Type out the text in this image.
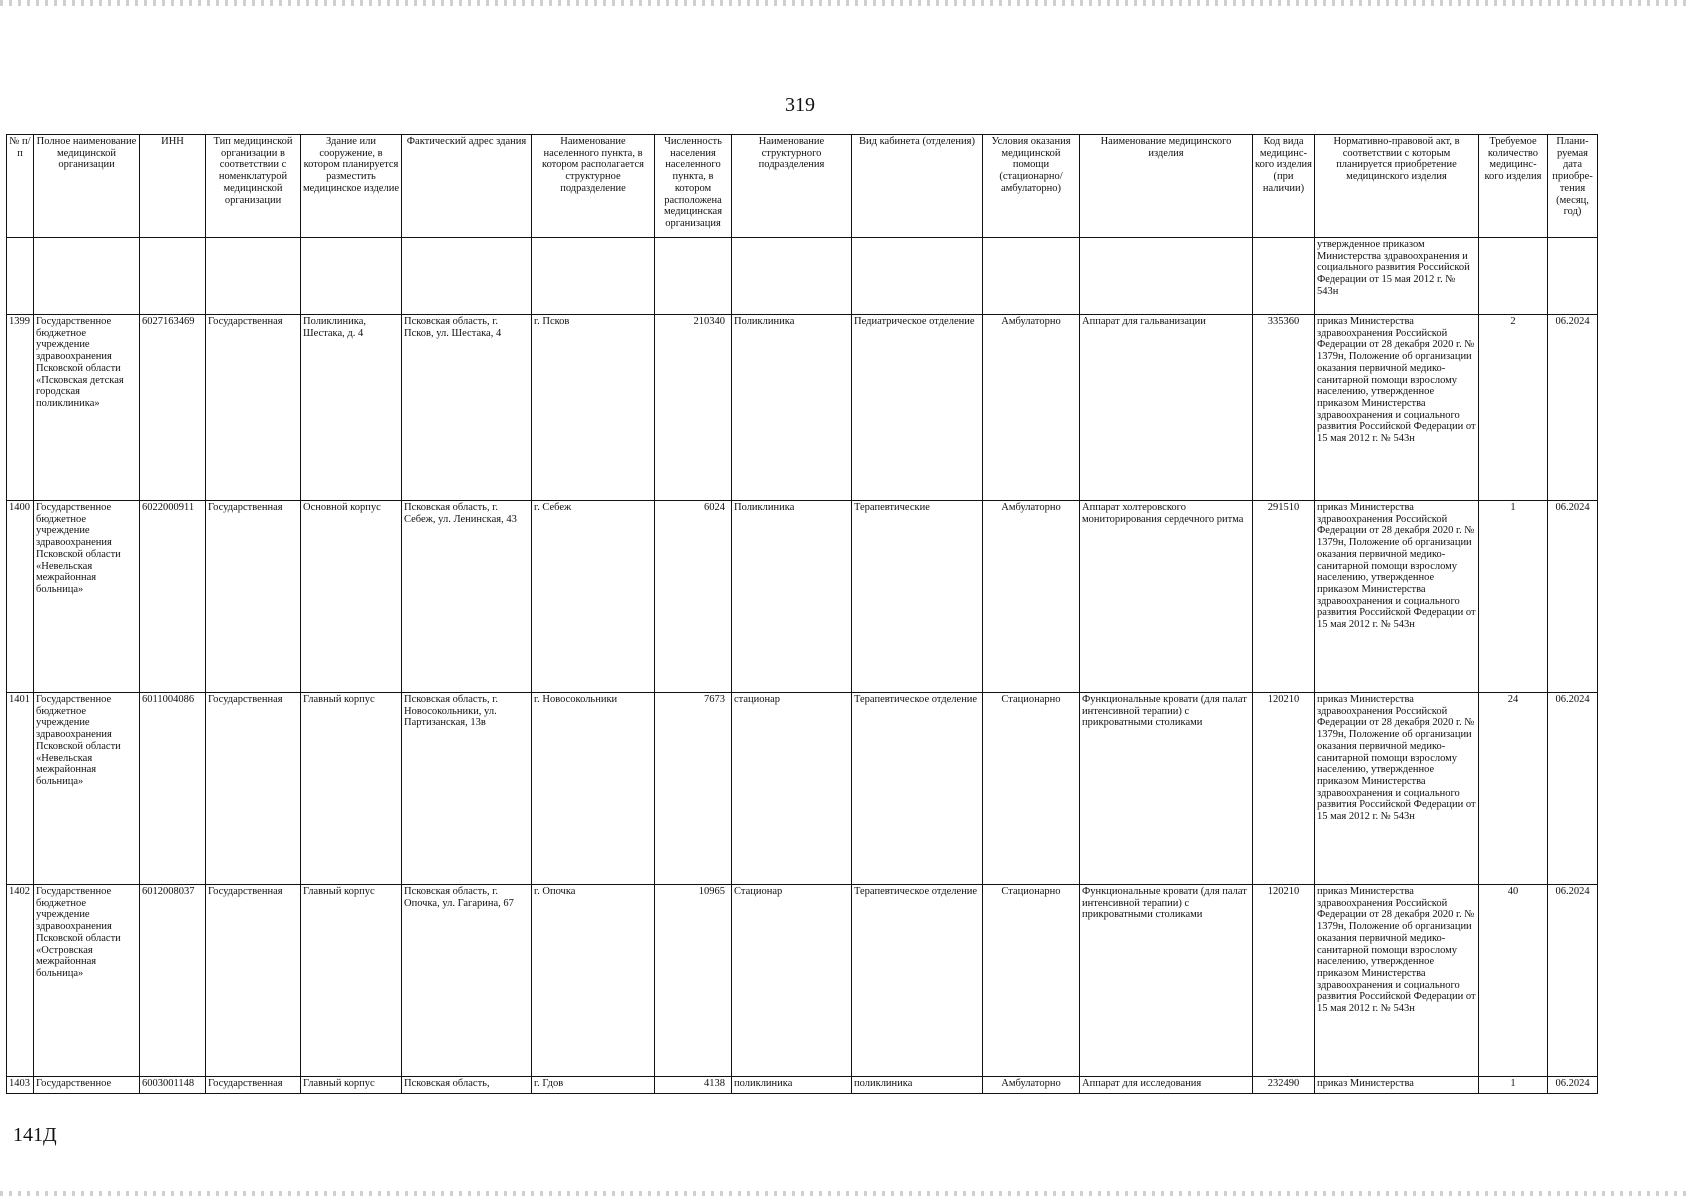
319
№ п/п	Полное наименование медицинской организации	ИНН	Тип медицинской организации в соответствии с номенклатурой медицинской организации	Здание или сооружение, в котором планируется разместить медицинское изделие	Фактический адрес здания	Наименование населенного пункта, в котором располагается структурное подразделение	Численность населения населенного пункта, в котором расположена медицинская организация	Наименование структурного подразделения	Вид кабинета (отделения)	Условия оказания медицинской помощи (стационарно/ амбулаторно)	Наименование медицинского изделия	Код вида медицинс-кого изделия (при наличии)	Нормативно-правовой акт, в соответствии с которым планируется приобретение медицинского изделия	Требуемое количество медицинс-кого изделия	Плани-руемая дата приобре-тения (месяц, год)
													утвержденное приказом Министерства здравоохранения и социального развития Российской Федерации от 15 мая 2012 г. № 543н		
1399	Государственное бюджетное учреждение здравоохранения Псковской области «Псковская детская городская поликлиника»	6027163469	Государственная	Поликлиника, Шестака, д. 4	Псковская область, г. Псков, ул. Шестака, 4	г. Псков	210340	Поликлиника	Педиатрическое отделение	Амбулаторно	Аппарат для гальванизации	335360	приказ Министерства здравоохранения Российской Федерации от 28 декабря 2020 г. № 1379н, Положение об организации оказания первичной медико-санитарной помощи взрослому населению, утвержденное приказом Министерства здравоохранения и социального развития Российской Федерации от 15 мая 2012 г. № 543н	2	06.2024
1400	Государственное бюджетное учреждение здравоохранения Псковской области «Невельская межрайонная больница»	6022000911	Государственная	Основной корпус	Псковская область, г. Себеж, ул. Ленинская, 43	г. Себеж	6024	Поликлиника	Терапевтические	Амбулаторно	Аппарат холтеровского мониторирования сердечного ритма	291510	приказ Министерства здравоохранения Российской Федерации от 28 декабря 2020 г. № 1379н, Положение об организации оказания первичной медико-санитарной помощи взрослому населению, утвержденное приказом Министерства здравоохранения и социального развития Российской Федерации от 15 мая 2012 г. № 543н	1	06.2024
1401	Государственное бюджетное учреждение здравоохранения Псковской области «Невельская межрайонная больница»	6011004086	Государственная	Главный корпус	Псковская область, г. Новосокольники, ул. Партизанская, 13в	г. Новосокольники	7673	стационар	Терапевтическое отделение	Стационарно	Функциональные кровати (для палат интенсивной терапии) с прикроватными столиками	120210	приказ Министерства здравоохранения Российской Федерации от 28 декабря 2020 г. № 1379н, Положение об организации оказания первичной медико-санитарной помощи взрослому населению, утвержденное приказом Министерства здравоохранения и социального развития Российской Федерации от 15 мая 2012 г. № 543н	24	06.2024
1402	Государственное бюджетное учреждение здравоохранения Псковской области «Островская межрайонная больница»	6012008037	Государственная	Главный корпус	Псковская область, г. Опочка, ул. Гагарина, 67	г. Опочка	10965	Стационар	Терапевтическое отделение	Стационарно	Функциональные кровати (для палат интенсивной терапии) с прикроватными столиками	120210	приказ Министерства здравоохранения Российской Федерации от 28 декабря 2020 г. № 1379н, Положение об организации оказания первичной медико-санитарной помощи взрослому населению, утвержденное приказом Министерства здравоохранения и социального развития Российской Федерации от 15 мая 2012 г. № 543н	40	06.2024
1403	Государственное	6003001148	Государственная	Главный корпус	Псковская область,	г. Гдов	4138	поликлиника	поликлиника	Амбулаторно	Аппарат для исследования	232490	приказ Министерства	1	06.2024
141Д
